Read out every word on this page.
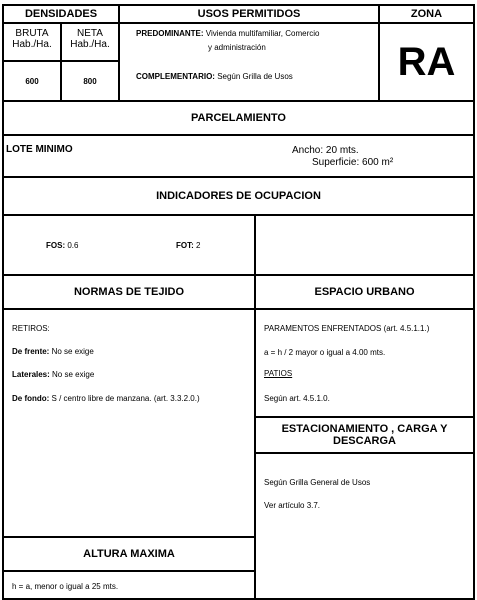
DENSIDADES
BRUTA
Hab./Ha.
NETA
Hab./Ha.
600	800
USOS PERMITIDOS
PREDOMINANTE: Vivienda multifamiliar, Comercio
y administración
COMPLEMENTARIO: Según Grilla de Usos
ZONA
RA
PARCELAMIENTO
LOTE MINIMO	Ancho: 20 mts.
Superficie: 600 m²
INDICADORES DE OCUPACION
FOS: 0.6	FOT: 2
NORMAS DE TEJIDO	ESPACIO URBANO
RETIROS:
De frente: No se exige
Laterales: No se exige
De fondo: S / centro libre de manzana. (art. 3.3.2.0.)
PARAMENTOS ENFRENTADOS (art. 4.5.1.1.)
a = h / 2 mayor o igual a 4.00 mts.
PATIOS
Según art. 4.5.1.0.
ESTACIONAMIENTO , CARGA Y DESCARGA
Según Grilla General de Usos
Ver artículo 3.7.
ALTURA MAXIMA
h = a, menor o igual a 25 mts.
